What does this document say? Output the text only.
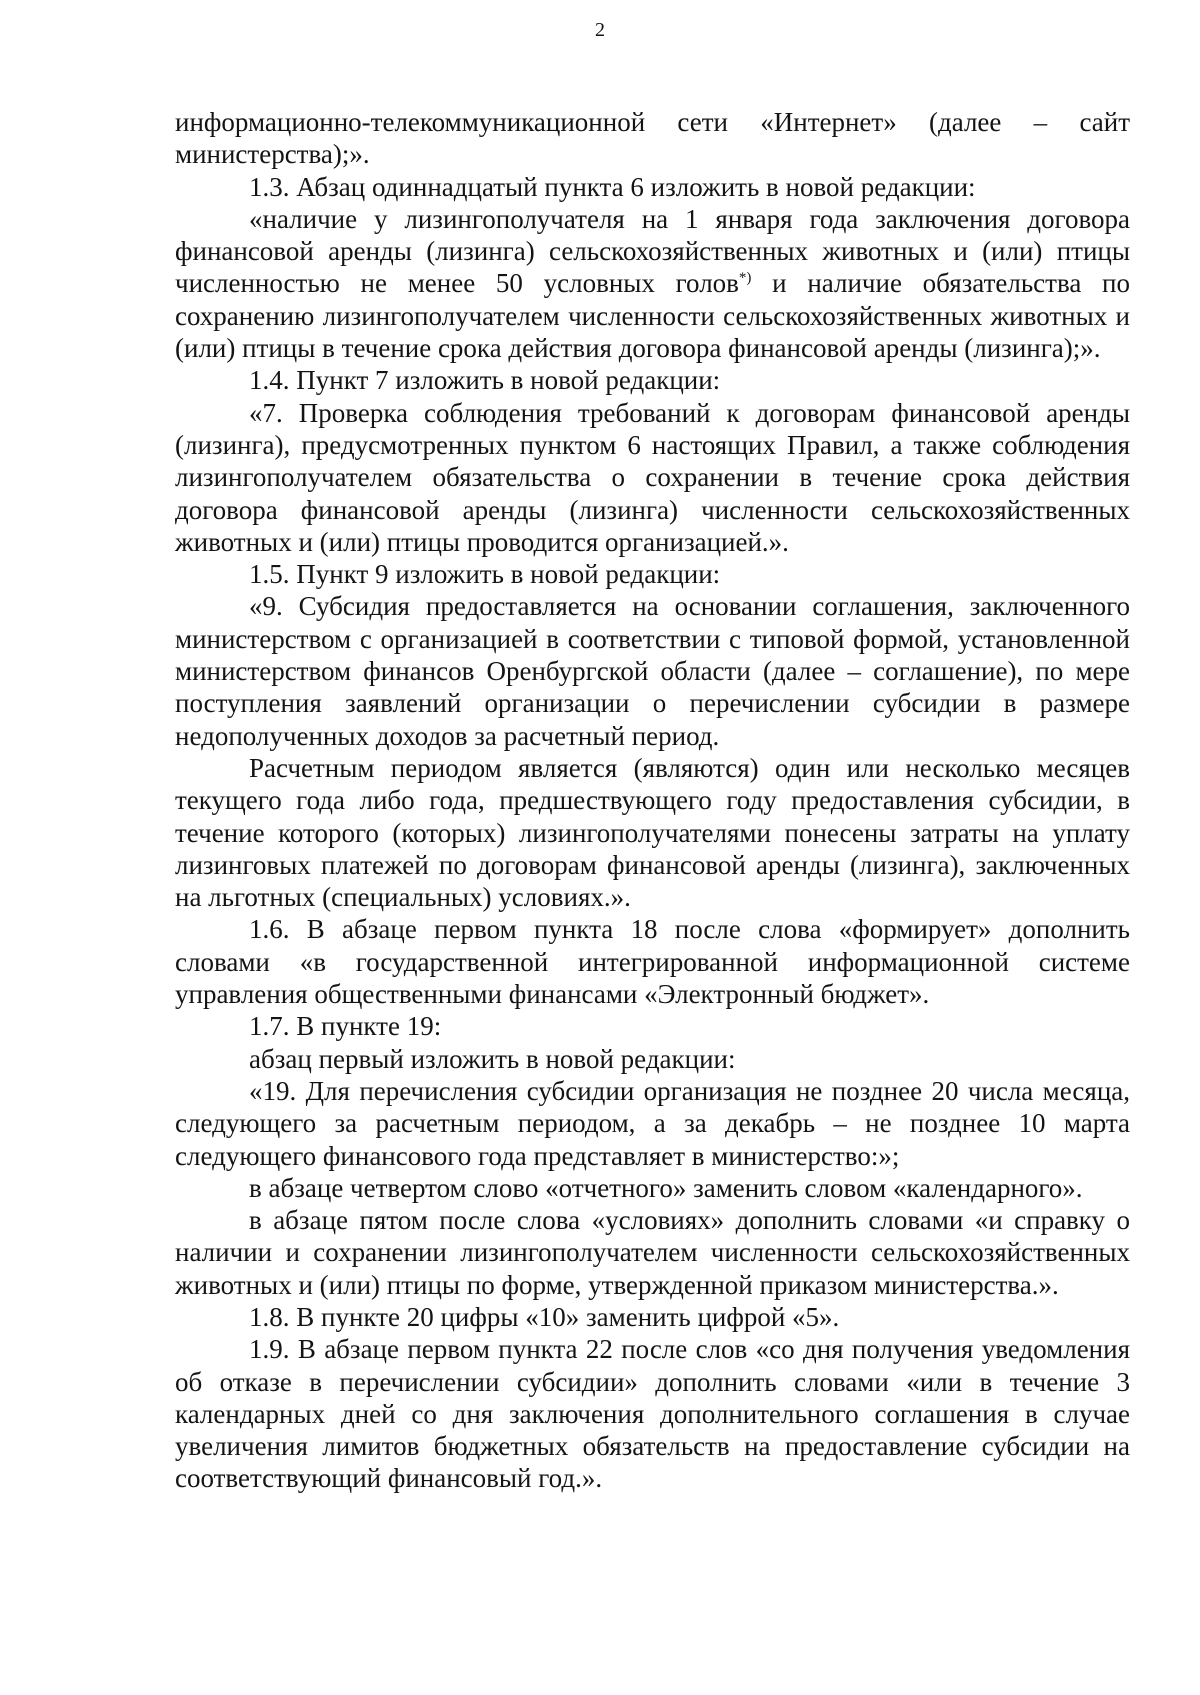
2

информационно-телекоммуникационной сети «Интернет» (далее – сайт министерства);».

1.3. Абзац одиннадцатый пункта 6 изложить в новой редакции:

«наличие у лизингополучателя на 1 января года заключения договора финансовой аренды (лизинга) сельскохозяйственных животных и (или) птицы численностью не менее 50 условных голов*) и наличие обязательства по сохранению лизингополучателем численности сельскохозяйственных животных и (или) птицы в течение срока действия договора финансовой аренды (лизинга);».

1.4. Пункт 7 изложить в новой редакции:

«7. Проверка соблюдения требований к договорам финансовой аренды (лизинга), предусмотренных пунктом 6 настоящих Правил, а также соблюдения лизингополучателем обязательства о сохранении в течение срока действия договора финансовой аренды (лизинга) численности сельскохозяйственных животных и (или) птицы проводится организацией.».

1.5. Пункт 9 изложить в новой редакции:

«9. Субсидия предоставляется на основании соглашения, заключенного министерством с организацией в соответствии с типовой формой, установленной министерством финансов Оренбургской области (далее – соглашение), по мере поступления заявлений организации о перечислении субсидии в размере недополученных доходов за расчетный период.

Расчетным периодом является (являются) один или несколько месяцев текущего года либо года, предшествующего году предоставления субсидии, в течение которого (которых) лизингополучателями понесены затраты на уплату лизинговых платежей по договорам финансовой аренды (лизинга), заключенных на льготных (специальных) условиях.».

1.6. В абзаце первом пункта 18 после слова «формирует» дополнить словами «в государственной интегрированной информационной системе управления общественными финансами «Электронный бюджет».

1.7. В пункте 19:

абзац первый изложить в новой редакции:

«19. Для перечисления субсидии организация не позднее 20 числа месяца, следующего за расчетным периодом, а за декабрь – не позднее 10 марта следующего финансового года представляет в министерство:»;

в абзаце четвертом слово «отчетного» заменить словом «календарного».

в абзаце пятом после слова «условиях» дополнить словами «и справку о наличии и сохранении лизингополучателем численности сельскохозяйственных животных и (или) птицы по форме, утвержденной приказом министерства.».

1.8. В пункте 20 цифры «10» заменить цифрой «5».

1.9. В абзаце первом пункта 22 после слов «со дня получения уведомления об отказе в перечислении субсидии» дополнить словами «или в течение 3 календарных дней со дня заключения дополнительного соглашения в случае увеличения лимитов бюджетных обязательств на предоставление субсидии на соответствующий финансовый год.».
